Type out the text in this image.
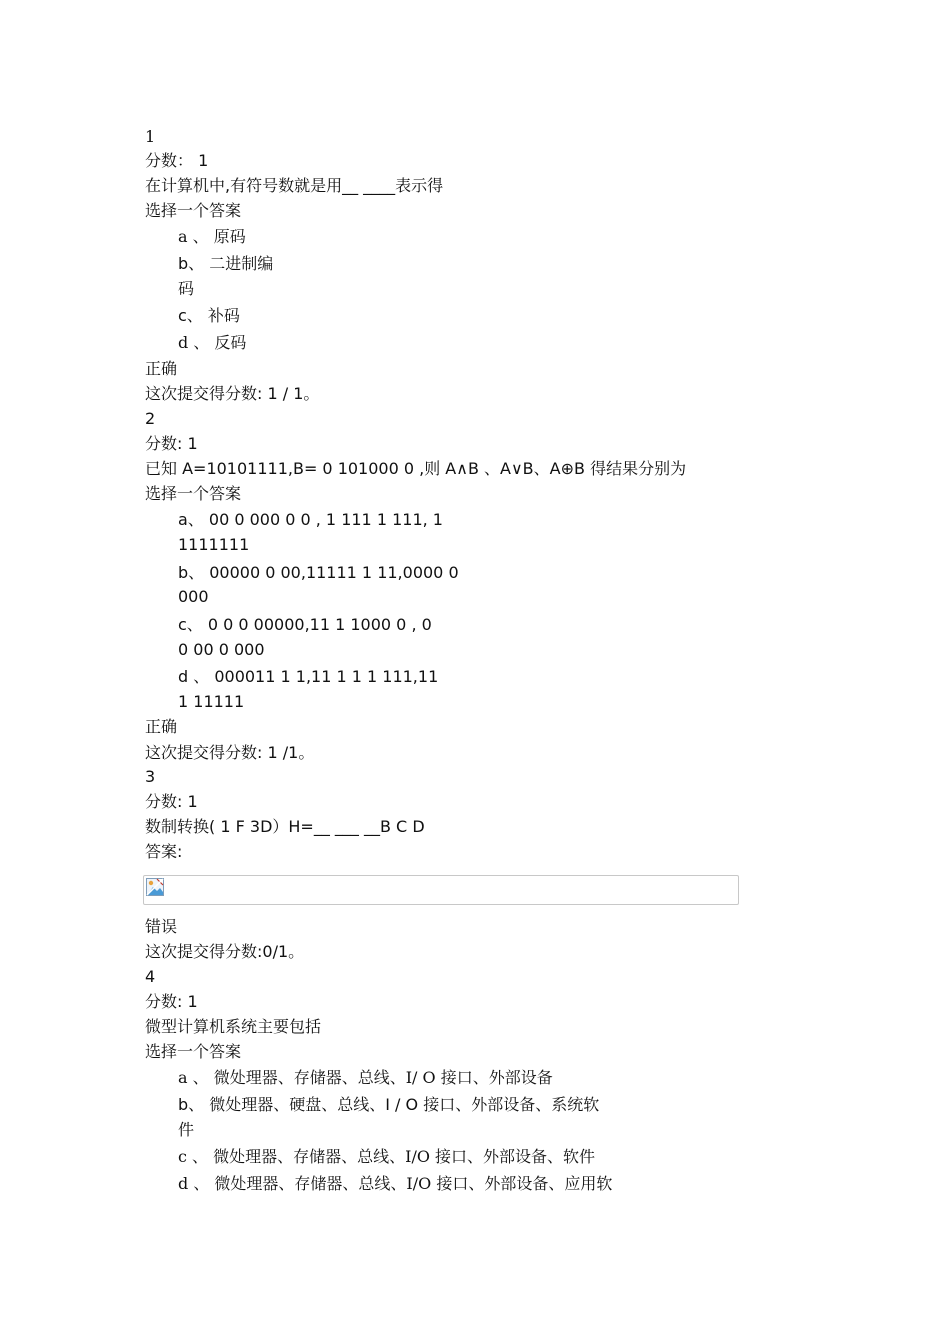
1
分数： 1
在计算机中,有符号数就是用__ ____表示得
选择一个答案
a 、 原码
b、 二进制编
码
c、 补码
d 、 反码
正确
这次提交得分数: 1 / 1。
2
分数: 1
已知 A=10101111,B= 0 101000 0 ,则 A∧B 、A∨B、A⊕B 得结果分别为
选择一个答案
a、 00 0 000 0 0 , 1 111 1 111, 1
1111111
b、 00000 0 00,11111 1 11,0000 0
000
c、 0 0 0 00000,11 1 1000 0 , 0
0 00 0 000
d 、 000011 1 1,11 1 1 1 111,11
1 11111
正确
这次提交得分数: 1 /1。
3
分数: 1
数制转换( 1 F 3D）H=__ ___ __B C D
答案:
错误
这次提交得分数:0/1。
4
分数: 1
微型计算机系统主要包括
选择一个答案
a 、 微处理器、存储器、总线、I/ O 接口、外部设备
b、 微处理器、硬盘、总线、I / O 接口、外部设备、系统软
件
c 、 微处理器、存储器、总线、I/O 接口、外部设备、软件
d 、 微处理器、存储器、总线、I/O 接口、外部设备、应用软
